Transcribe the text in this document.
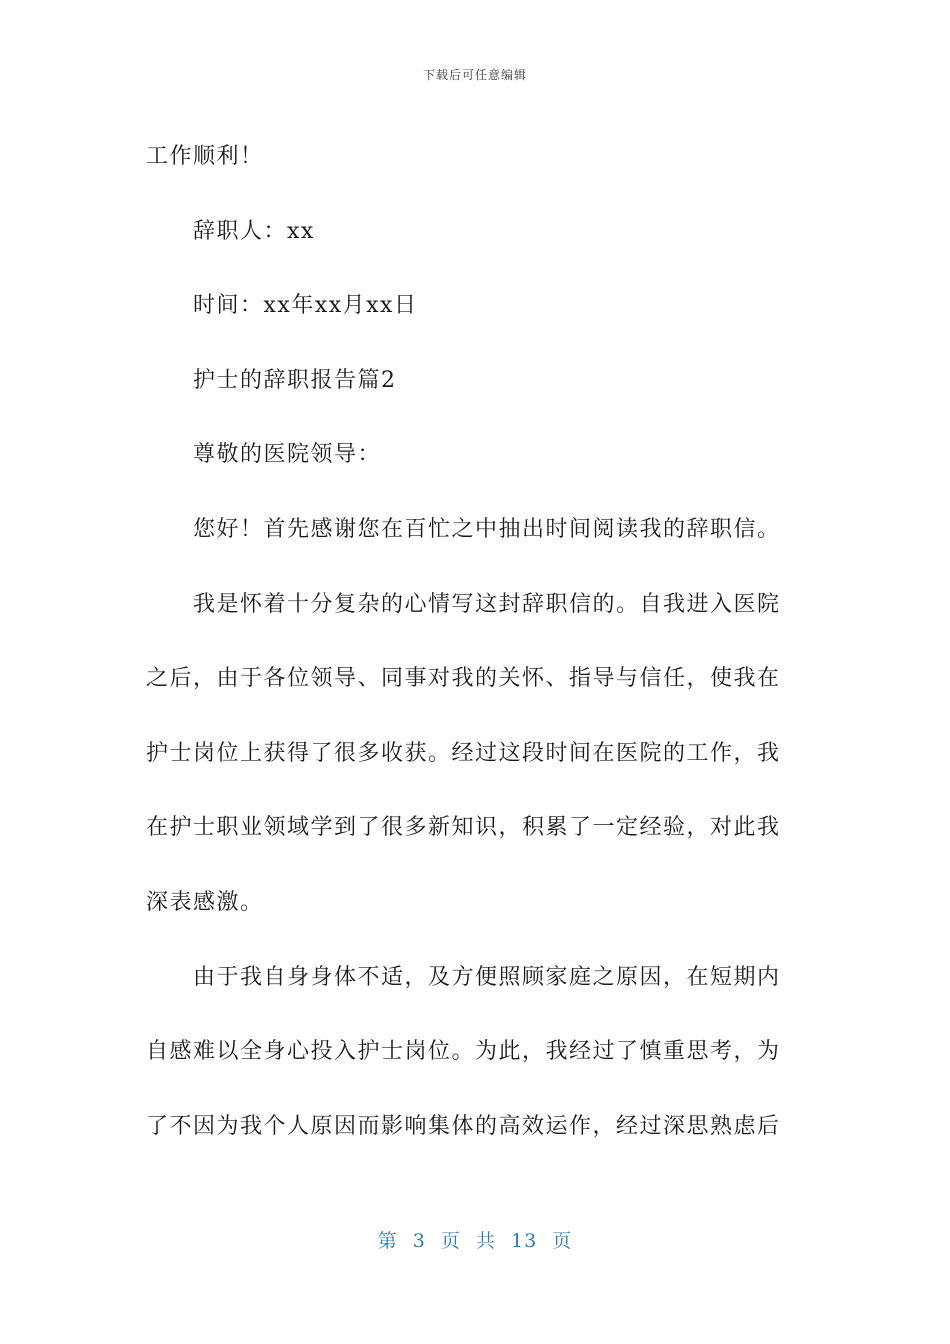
下载后可任意编辑
工作顺利！
辞职人：xx
时间：xx年xx月xx日
护士的辞职报告篇2
尊敬的医院领导：
您好！首先感谢您在百忙之中抽出时间阅读我的辞职信。
我是怀着十分复杂的心情写这封辞职信的。自我进入医院
之后，由于各位领导、同事对我的关怀、指导与信任，使我在
护士岗位上获得了很多收获。经过这段时间在医院的工作，我
在护士职业领域学到了很多新知识，积累了一定经验，对此我
深表感激。
由于我自身身体不适，及方便照顾家庭之原因，在短期内
自感难以全身心投入护士岗位。为此，我经过了慎重思考，为
了不因为我个人原因而影响集体的高效运作，经过深思熟虑后
第 3 页 共 13 页
